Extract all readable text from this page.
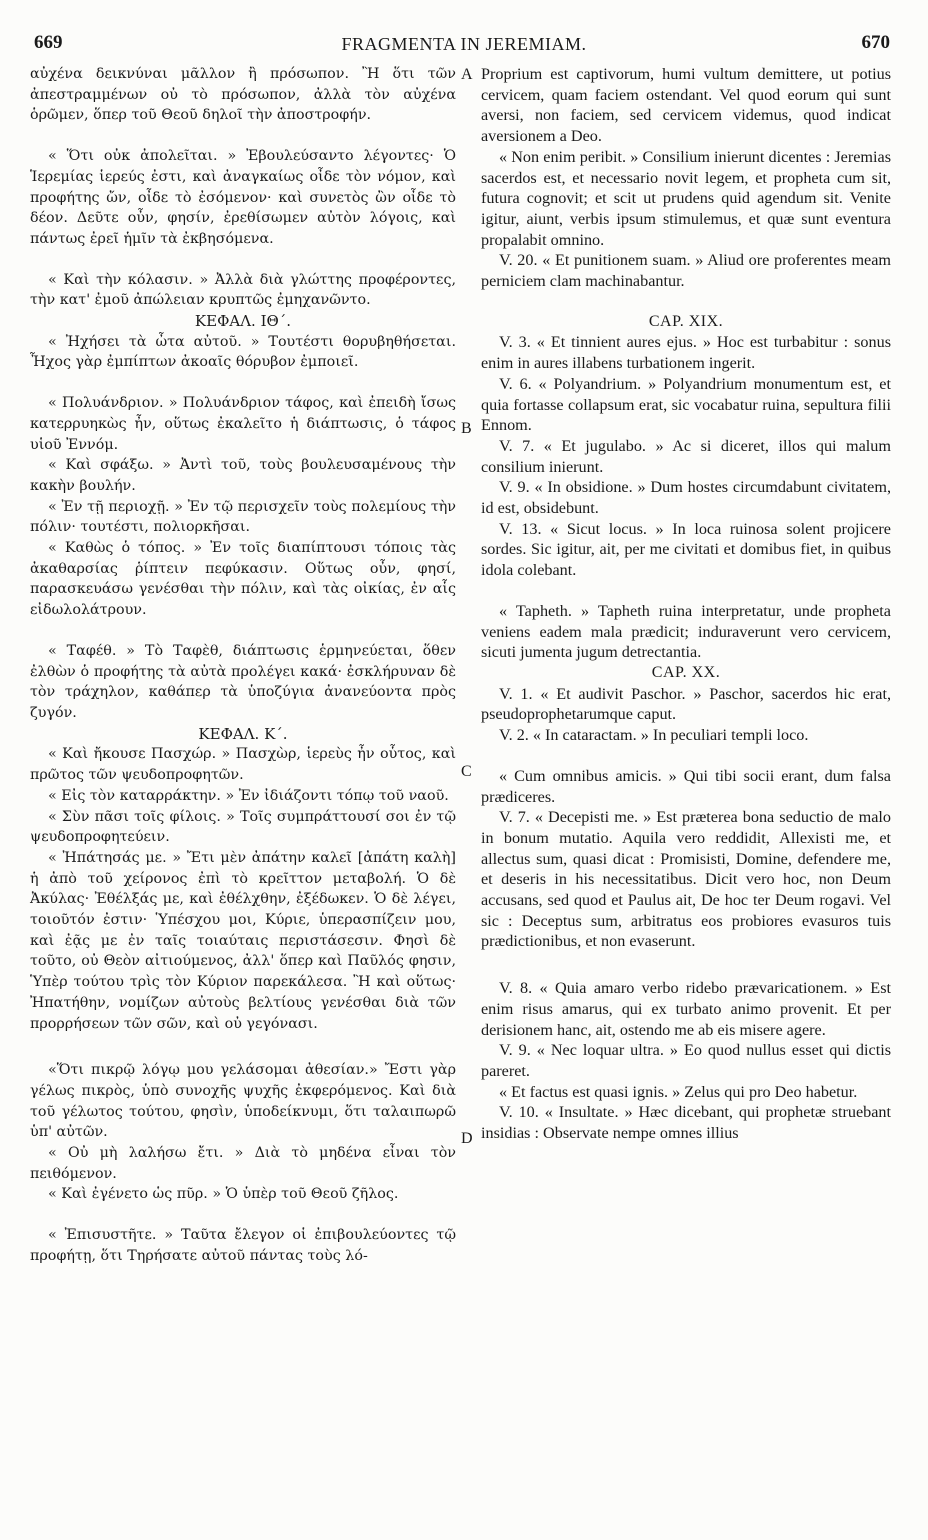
669	FRAGMENTA IN JEREMIAM.	670

αὐχένα δεικνύναι μᾶλλον ἢ πρόσωπον. Ἢ ὅτι τῶν ἀπεστραμμένων οὐ τὸ πρόσωπον, ἀλλὰ τὸν αὐχένα ὁρῶμεν, ὅπερ τοῦ Θεοῦ δηλοῖ τὴν ἀποστροφήν.

« Ὅτι οὐκ ἀπολεῖται. » Ἐβουλεύσαντο λέγοντες· Ὁ Ἱερεμίας ἱερεύς ἐστι, καὶ ἀναγκαίως οἶδε τὸν νόμον, καὶ προφήτης ὤν, οἶδε τὸ ἐσόμενον· καὶ συνετὸς ὢν οἶδε τὸ δέον. Δεῦτε οὖν, φησίν, ἐρεθίσωμεν αὐτὸν λόγοις, καὶ πάντως ἐρεῖ ἡμῖν τὰ ἐκβησόμενα.

« Καὶ τὴν κόλασιν. » Ἀλλὰ διὰ γλώττης προφέροντες, τὴν κατ' ἐμοῦ ἀπώλειαν κρυπτῶς ἐμηχανῶντο.

ΚΕΦΑΛ. ΙΘ΄.

« Ἠχήσει τὰ ὦτα αὐτοῦ. » Τουτέστι θορυβηθήσεται. Ἦχος γὰρ ἐμπίπτων ἀκοαῖς θόρυβον ἐμποιεῖ.

« Πολυάνδριον. » Πολυάνδριον τάφος, καὶ ἐπειδὴ ἴσως κατερρυηκὼς ἦν, οὕτως ἐκαλεῖτο ἡ διάπτωσις, ὁ τάφος υἱοῦ Ἐννόμ.

« Καὶ σφάξω. » Ἀντὶ τοῦ, τοὺς βουλευσαμένους τὴν κακὴν βουλήν.

« Ἐν τῇ περιοχῇ. » Ἐν τῷ περισχεῖν τοὺς πολεμίους τὴν πόλιν· τουτέστι, πολιορκῆσαι.

« Καθὼς ὁ τόπος. » Ἐν τοῖς διαπίπτουσι τόποις τὰς ἀκαθαρσίας ῥίπτειν πεφύκασιν. Οὕτως οὖν, φησί, παρασκευάσω γενέσθαι τὴν πόλιν, καὶ τὰς οἰκίας, ἐν αἷς εἰδωλολάτρουν.

« Ταφέθ. » Τὸ Ταφὲθ, διάπτωσις ἑρμηνεύεται, ὅθεν ἐλθὼν ὁ προφήτης τὰ αὐτὰ προλέγει κακά· ἐσκλήρυναν δὲ τὸν τράχηλον, καθάπερ τὰ ὑποζύγια ἀνανεύοντα πρὸς ζυγόν.

ΚΕΦΑΛ. Κ΄.

« Καὶ ἤκουσε Πασχώρ. » Πασχὼρ, ἱερεὺς ἦν οὗτος, καὶ πρῶτος τῶν ψευδοπροφητῶν.

« Εἰς τὸν καταρράκτην. » Ἐν ἰδιάζοντι τόπῳ τοῦ ναοῦ.

« Σὺν πᾶσι τοῖς φίλοις. » Τοῖς συμπράττουσί σοι ἐν τῷ ψευδοπροφητεύειν.

« Ἠπάτησάς με. » Ἔτι μὲν ἀπάτην καλεῖ [ἀπάτη καλὴ] ἡ ἀπὸ τοῦ χείρονος ἐπὶ τὸ κρεῖττον μεταβολή. Ὁ δὲ Ἀκύλας· Ἐθέλξάς με, καὶ ἐθέλχθην, ἐξέδωκεν. Ὁ δὲ λέγει, τοιοῦτόν ἐστιν· Ὑπέσχου μοι, Κύριε, ὑπερασπίζειν μου, καὶ ἐᾷς με ἐν ταῖς τοιαύταις περιστάσεσιν. Φησὶ δὲ τοῦτο, οὐ Θεὸν αἰτιούμενος, ἀλλ' ὅπερ καὶ Παῦλός φησιν, Ὑπὲρ τούτου τρὶς τὸν Κύριον παρεκάλεσα. Ἢ καὶ οὕτως· Ἠπατήθην, νομίζων αὐτοὺς βελτίους γενέσθαι διὰ τῶν προρρήσεων τῶν σῶν, καὶ οὐ γεγόνασι.

«Ὅτι πικρῷ λόγῳ μου γελάσομαι ἀθεσίαν.» Ἔστι γὰρ γέλως πικρὸς, ὑπὸ συνοχῆς ψυχῆς ἐκφερόμενος. Καὶ διὰ τοῦ γέλωτος τούτου, φησὶν, ὑποδείκνυμι, ὅτι ταλαιπωρῶ ὑπ' αὐτῶν.

« Οὐ μὴ λαλήσω ἔτι. » Διὰ τὸ μηδένα εἶναι τὸν πειθόμενον.

« Καὶ ἐγένετο ὡς πῦρ. » Ὁ ὑπὲρ τοῦ Θεοῦ ζῆλος.

« Ἐπισυστῆτε. » Ταῦτα ἔλεγον οἱ ἐπιβουλεύοντες τῷ προφήτῃ, ὅτι Τηρήσατε αὐτοῦ πάντας τοὺς λό-

Proprium est captivorum, humi vultum demittere, ut potius cervicem, quam faciem ostendant. Vel quod eorum qui sunt aversi, non faciem, sed cervicem videmus, quod indicat aversionem a Deo.

« Non enim peribit. » Consilium inierunt dicentes : Jeremias sacerdos est, et necessario novit legem, et propheta cum sit, futura cognovit; et scit ut prudens quid agendum sit. Venite igitur, aiunt, verbis ipsum stimulemus, et quæ sunt eventura propalabit omnino.

V. 20. « Et punitionem suam. » Aliud ore proferentes meam perniciem clam machinabantur.

CAP. XIX.

V. 3. « Et tinnient aures ejus. » Hoc est turbabitur : sonus enim in aures illabens turbationem ingerit.

V. 6. « Polyandrium. » Polyandrium monumentum est, et quia fortasse collapsum erat, sic vocabatur ruina, sepultura filii Ennom.

V. 7. « Et jugulabo. » Ac si diceret, illos qui malum consilium inierunt.

V. 9. « In obsidione. » Dum hostes circumdabunt civitatem, id est, obsidebunt.

V. 13. « Sicut locus. » In loca ruinosa solent projicere sordes. Sic igitur, ait, per me civitati et domibus fiet, in quibus idola colebant.

« Tapheth. » Tapheth ruina interpretatur, unde propheta veniens eadem mala prædicit; induraverunt vero cervicem, sicuti jumenta jugum detrectantia.

CAP. XX.

V. 1. « Et audivit Paschor. » Paschor, sacerdos hic erat, pseudoprophetarumque caput.

V. 2. « In cataractam. » In peculiari templi loco.

« Cum omnibus amicis. » Qui tibi socii erant, dum falsa prædiceres.

V. 7. « Decepisti me. » Est præterea bona seductio de malo in bonum mutatio. Aquila vero reddidit, Allexisti me, et allectus sum, quasi dicat : Promisisti, Domine, defendere me, et deseris in his necessitatibus. Dicit vero hoc, non Deum accusans, sed quod et Paulus ait, De hoc ter Deum rogavi. Vel sic : Deceptus sum, arbitratus eos probiores evasuros tuis prædictionibus, et non evaserunt.

V. 8. « Quia amaro verbo ridebo prævaricationem. » Est enim risus amarus, qui ex turbato animo provenit. Et per derisionem hanc, ait, ostendo me ab eis misere agere.

V. 9. « Nec loquar ultra. » Eo quod nullus esset qui dictis pareret.

« Et factus est quasi ignis. » Zelus qui pro Deo habetur.

V. 10. « Insultate. » Hæc dicebant, qui prophetæ struebant insidias : Observate nempe omnes illius

A
B
C
D
